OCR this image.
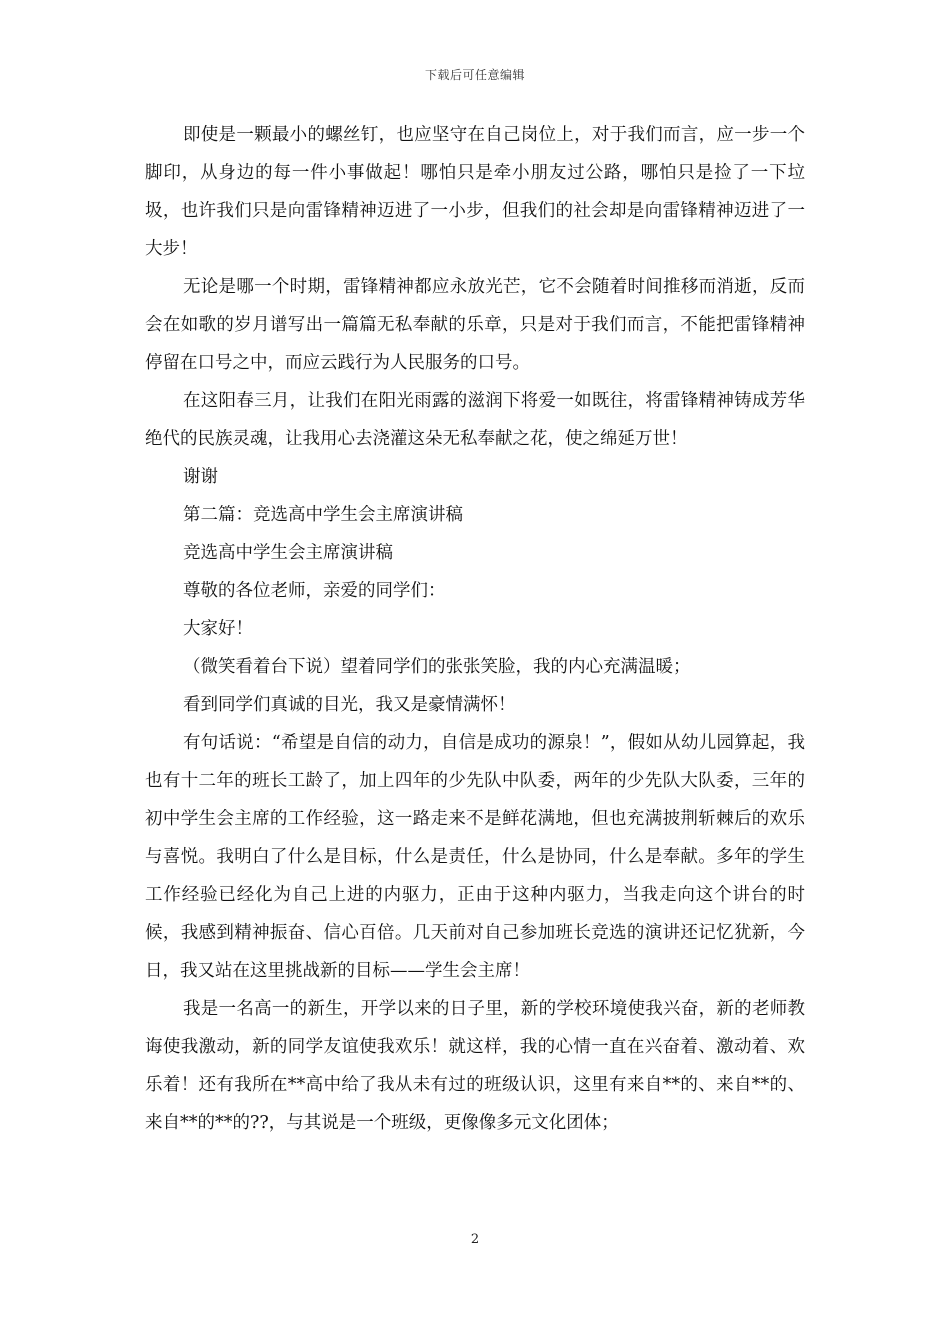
下载后可任意编辑

即使是一颗最小的螺丝钉，也应坚守在自己岗位上，对于我们而言，应一步一个脚印，从身边的每一件小事做起！哪怕只是牵小朋友过公路，哪怕只是捡了一下垃圾，也许我们只是向雷锋精神迈进了一小步，但我们的社会却是向雷锋精神迈进了一大步！

无论是哪一个时期，雷锋精神都应永放光芒，它不会随着时间推移而消逝，反而会在如歌的岁月谱写出一篇篇无私奉献的乐章，只是对于我们而言，不能把雷锋精神停留在口号之中，而应云践行为人民服务的口号。

在这阳春三月，让我们在阳光雨露的滋润下将爱一如既往，将雷锋精神铸成芳华绝代的民族灵魂，让我用心去浇灌这朵无私奉献之花，使之绵延万世！

谢谢

第二篇：竞选高中学生会主席演讲稿

竞选高中学生会主席演讲稿

尊敬的各位老师，亲爱的同学们：

大家好！

（微笑看着台下说）望着同学们的张张笑脸，我的内心充满温暖；

看到同学们真诚的目光，我又是豪情满怀！

有句话说：“希望是自信的动力，自信是成功的源泉！”，假如从幼儿园算起，我也有十二年的班长工龄了，加上四年的少先队中队委，两年的少先队大队委，三年的初中学生会主席的工作经验，这一路走来不是鲜花满地，但也充满披荆斩棘后的欢乐与喜悦。我明白了什么是目标，什么是责任，什么是协同，什么是奉献。多年的学生工作经验已经化为自己上进的内驱力，正由于这种内驱力，当我走向这个讲台的时候，我感到精神振奋、信心百倍。几天前对自己参加班长竞选的演讲还记忆犹新，今日，我又站在这里挑战新的目标——学生会主席！

我是一名高一的新生，开学以来的日子里，新的学校环境使我兴奋，新的老师教诲使我激动，新的同学友谊使我欢乐！就这样，我的心情一直在兴奋着、激动着、欢乐着！还有我所在**高中给了我从未有过的班级认识，这里有来自**的、来自**的、来自**的**的??，与其说是一个班级，更像像多元文化团体；

2
